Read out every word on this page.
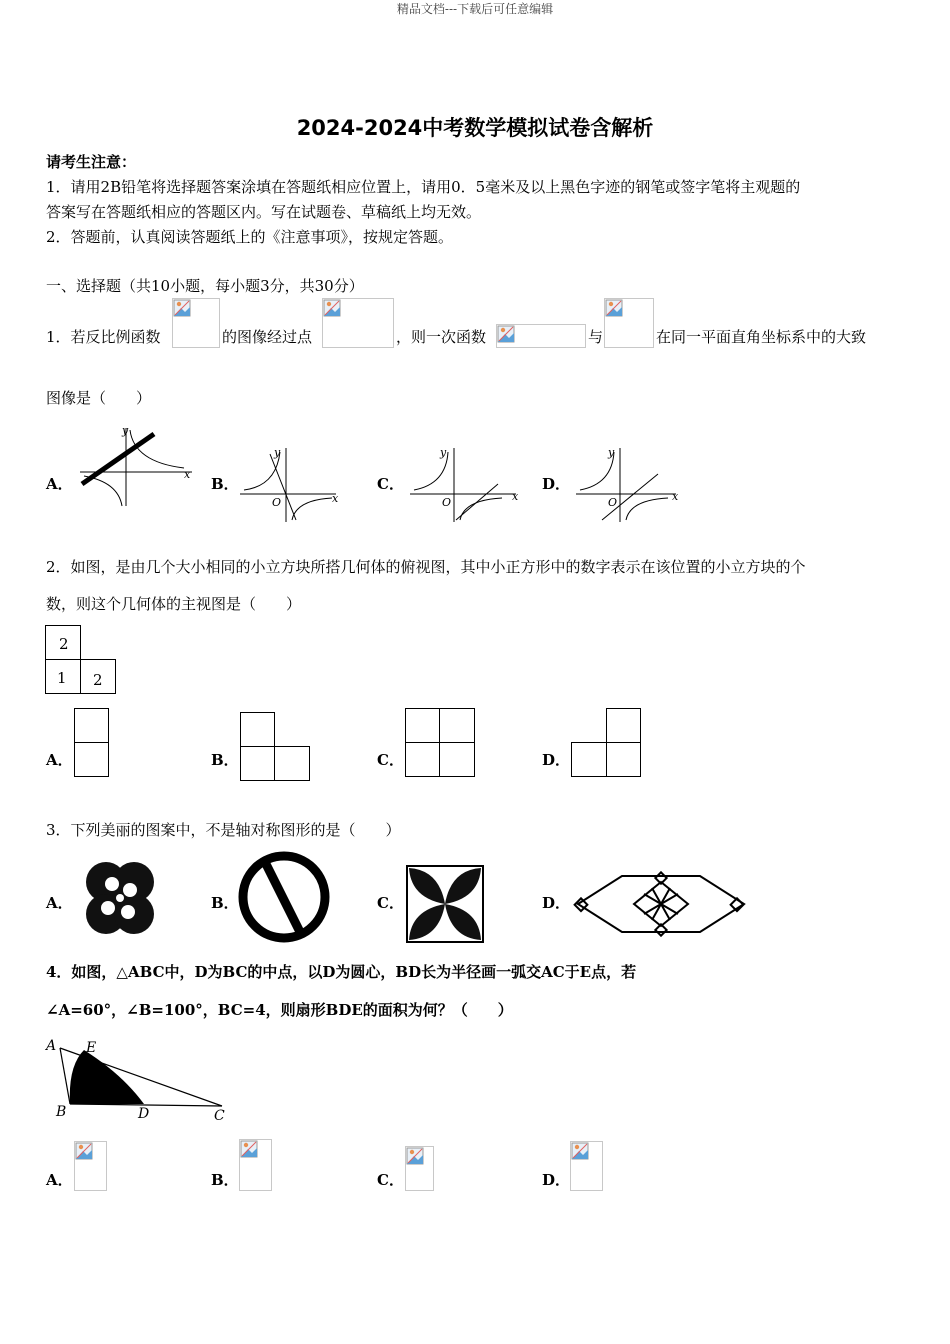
精品文档---下载后可任意编辑
2024-2024中考数学模拟试卷含解析
请考生注意：
1．请用2B铅笔将选择题答案涂填在答题纸相应位置上，请用0．5毫米及以上黑色字迹的钢笔或签字笔将主观题的
答案写在答题纸相应的答题区内。写在试题卷、草稿纸上均无效。
2．答题前，认真阅读答题纸上的《注意事项》，按规定答题。
一、选择题（共10小题，每小题3分，共30分）
1．若反比例函数	的图像经过点	，则一次函数	与	在同一平面直角坐标系中的大致
图像是（　　）
A．
y
x
B．
y
x
O
C．
y
x
O
D．
y
x
O
2．如图，是由几个大小相同的小立方块所搭几何体的俯视图，其中小正方形中的数字表示在该位置的小立方块的个
数，则这个几何体的主视图是（　　）
2
1 2
A．	B．	C．	D．
3．下列美丽的图案中，不是轴对称图形的是（　　）
A．	B．	C．	D．
4．如图，△ABC中，D为BC的中点，以D为圆心，BD长为半径画一弧交AC于E点，若
∠A=60°，∠B=100°，BC=4，则扇形BDE的面积为何？（　　）
A E
B	D	C
A．	B．	C．	D．
